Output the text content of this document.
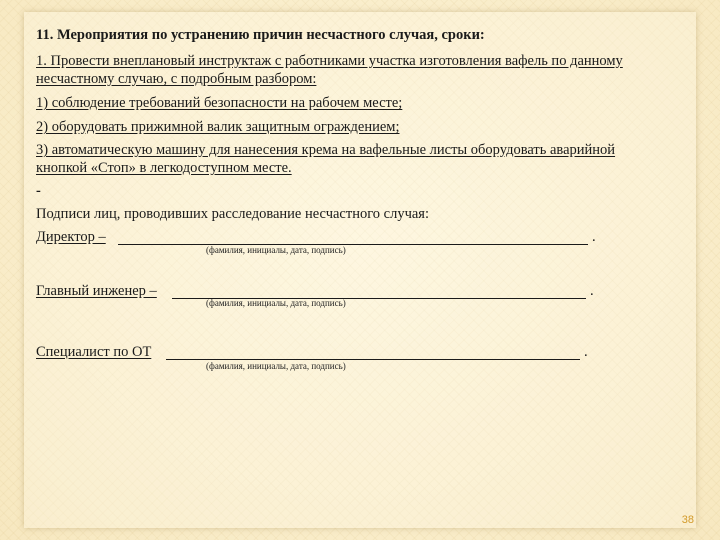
11. Мероприятия по устранению причин несчастного случая, сроки:
1. Провести внеплановый инструктаж с работниками участка изготовления вафель по данному
несчастному случаю, с подробным разбором:
1) соблюдение требований безопасности на рабочем месте;
2) оборудовать прижимной валик защитным ограждением;
3) автоматическую машину для нанесения крема на вафельные листы оборудовать аварийной
кнопкой «Стоп» в легкодоступном месте.
-
Подписи лиц, проводивших расследование несчастного случая:
Директор –	.
(фамилия, инициалы, дата, подпись)
Главный инженер –	.
(фамилия, инициалы, дата, подпись)
Специалист по ОТ	.
(фамилия, инициалы, дата, подпись)
38
